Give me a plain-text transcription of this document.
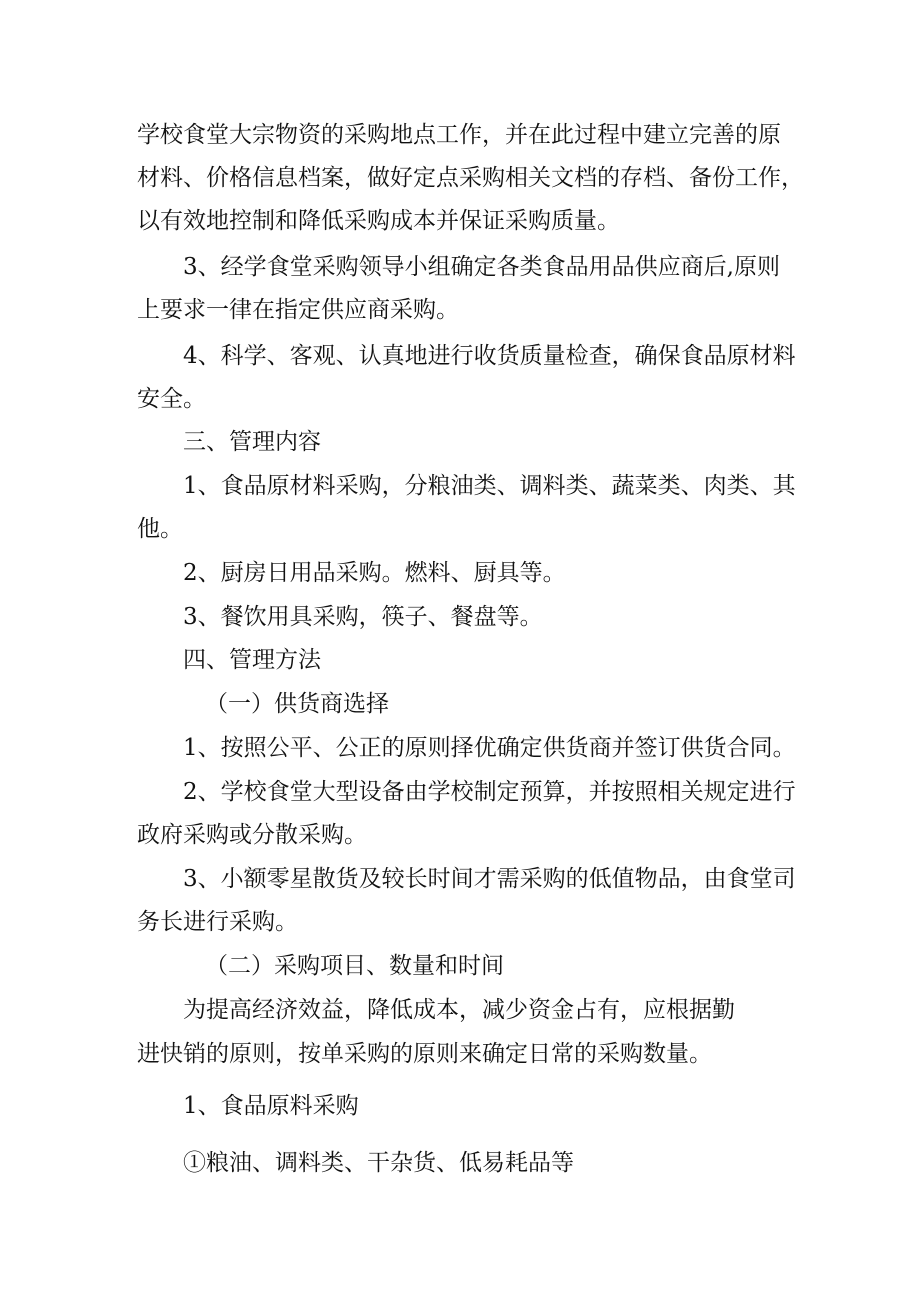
学校食堂大宗物资的采购地点工作，并在此过程中建立完善的原
材料、价格信息档案，做好定点采购相关文档的存档、备份工作，
以有效地控制和降低采购成本并保证采购质量。
3、经学食堂采购领导小组确定各类食品用品供应商后,原则
上要求一律在指定供应商采购。
4、科学、客观、认真地进行收货质量检查，确保食品原材料
安全。
三、管理内容
1、食品原材料采购，分粮油类、调料类、蔬菜类、肉类、其
他。
2、厨房日用品采购。燃料、厨具等。
3、餐饮用具采购，筷子、餐盘等。
四、管理方法
（一）供货商选择
1、按照公平、公正的原则择优确定供货商并签订供货合同。
2、学校食堂大型设备由学校制定预算，并按照相关规定进行
政府采购或分散采购。
3、小额零星散货及较长时间才需采购的低值物品，由食堂司
务长进行采购。
（二）采购项目、数量和时间
为提高经济效益，降低成本，减少资金占有，应根据勤
进快销的原则，按单采购的原则来确定日常的采购数量。
1、食品原料采购
①粮油、调料类、干杂货、低易耗品等
